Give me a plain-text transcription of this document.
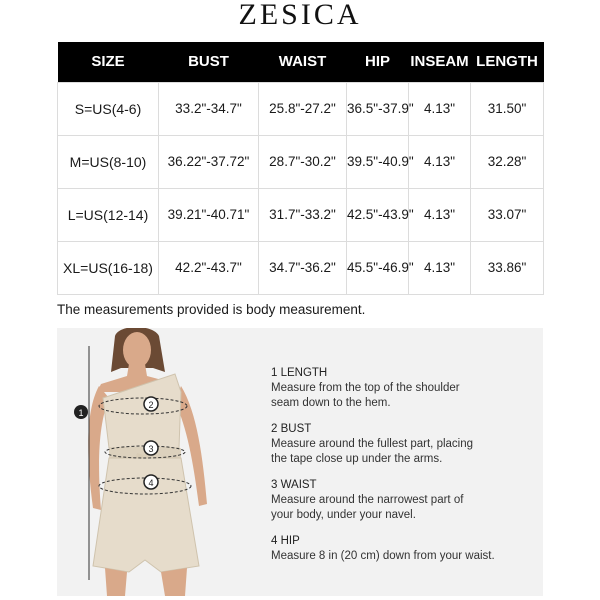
ZESICA
SIZE	BUST	WAIST	HIP	INSEAM	LENGTH
S=US(4-6)	33.2"-34.7"	25.8"-27.2"	36.5"-37.9"	4.13"	31.50"
M=US(8-10)	36.22"-37.72"	28.7"-30.2"	39.5"-40.9"	4.13"	32.28"
L=US(12-14)	39.21"-40.71"	31.7"-33.2"	42.5"-43.9"	4.13"	33.07"
XL=US(16-18)	42.2"-43.7"	34.7"-36.2"	45.5"-46.9"	4.13"	33.86"
The measurements provided is body measurement.
1
2
3
4
1 LENGTH
Measure from the top of the shoulder
seam down to the hem.
2 BUST
Measure around the fullest part, placing
the tape close up under the arms.
3 WAIST
Measure around the narrowest part of
your body, under your navel.
4 HIP
Measure 8 in (20 cm) down from your waist.
